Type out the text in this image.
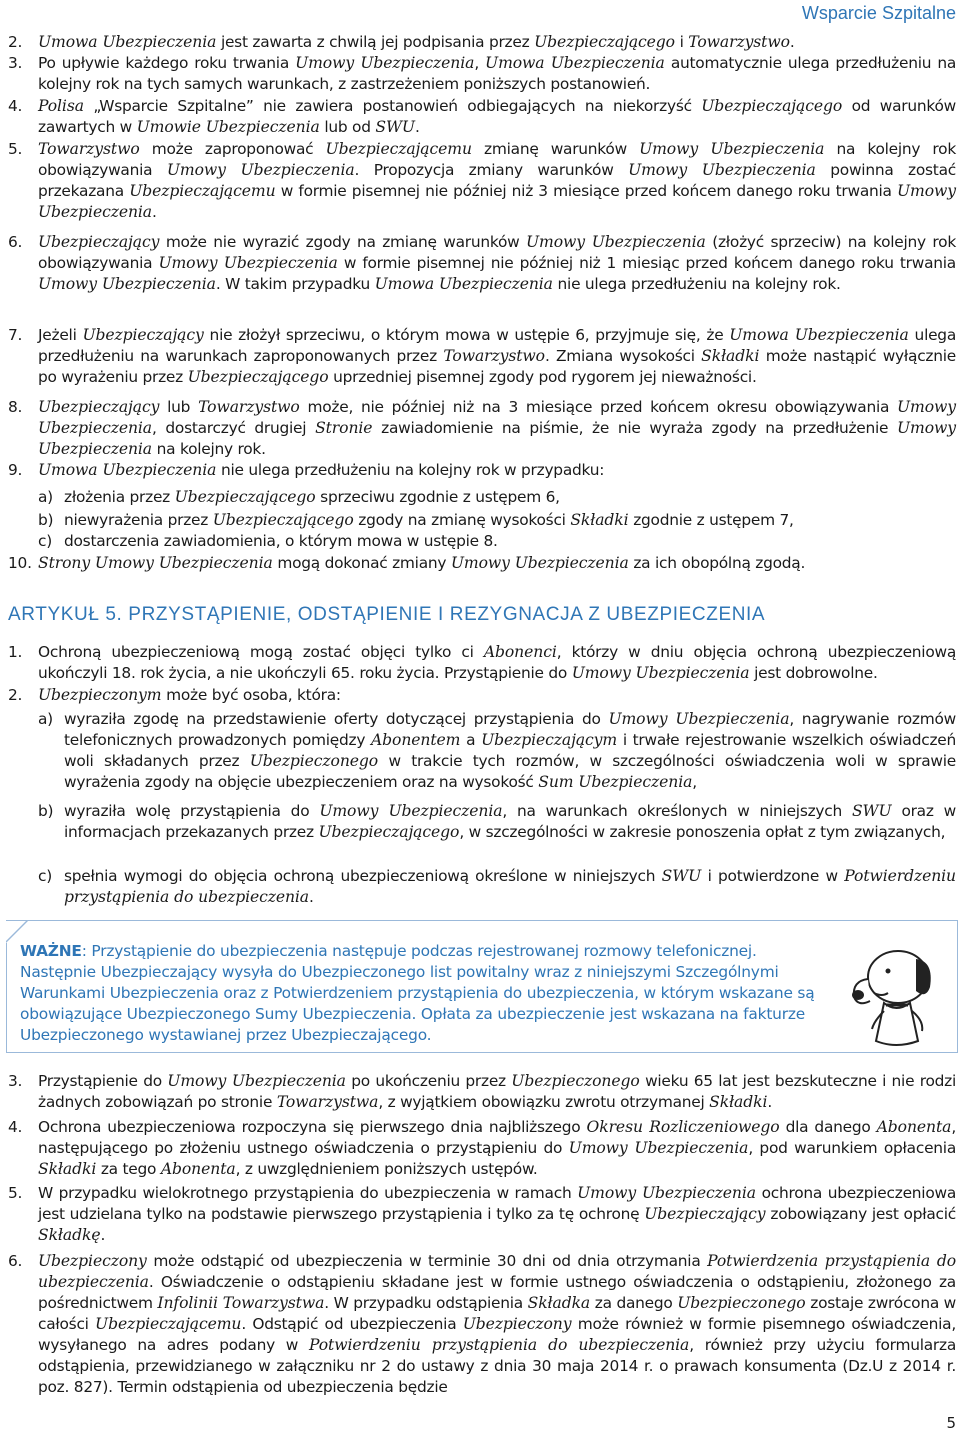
Wsparcie Szpitalne
2. Umowa Ubezpieczenia jest zawarta z chwilą jej podpisania przez Ubezpieczającego i Towarzystwo.
3. Po upływie każdego roku trwania Umowy Ubezpieczenia, Umowa Ubezpieczenia automatycznie ulega przedłużeniu na kolejny rok na tych samych warunkach, z zastrzeżeniem poniższych postanowień.
4. Polisa „Wsparcie Szpitalne” nie zawiera postanowień odbiegających na niekorzyść Ubezpieczającego od warunków zawartych w Umowie Ubezpieczenia lub od SWU.
5. Towarzystwo może zaproponować Ubezpieczającemu zmianę warunków Umowy Ubezpieczenia na kolejny rok obowiązywania Umowy Ubezpieczenia. Propozycja zmiany warunków Umowy Ubezpieczenia powinna zostać przekazana Ubezpieczającemu w formie pisemnej nie później niż 3 miesiące przed końcem danego roku trwania Umowy Ubezpieczenia.
6. Ubezpieczający może nie wyrazić zgody na zmianę warunków Umowy Ubezpieczenia (złożyć sprzeciw) na kolejny rok obowiązywania Umowy Ubezpieczenia w formie pisemnej nie później niż 1 miesiąc przed końcem danego roku trwania Umowy Ubezpieczenia. W takim przypadku Umowa Ubezpieczenia nie ulega przedłużeniu na kolejny rok.
7. Jeżeli Ubezpieczający nie złożył sprzeciwu, o którym mowa w ustępie 6, przyjmuje się, że Umowa Ubezpieczenia ulega przedłużeniu na warunkach zaproponowanych przez Towarzystwo. Zmiana wysokości Składki może nastąpić wyłącznie po wyrażeniu przez Ubezpieczającego uprzedniej pisemnej zgody pod rygorem jej nieważności.
8. Ubezpieczający lub Towarzystwo może, nie później niż na 3 miesiące przed końcem okresu obowiązywania Umowy Ubezpieczenia, dostarczyć drugiej Stronie zawiadomienie na piśmie, że nie wyraża zgody na przedłużenie Umowy Ubezpieczenia na kolejny rok.
9. Umowa Ubezpieczenia nie ulega przedłużeniu na kolejny rok w przypadku:
a) złożenia przez Ubezpieczającego sprzeciwu zgodnie z ustępem 6,
b) niewyrażenia przez Ubezpieczającego zgody na zmianę wysokości Składki zgodnie z ustępem 7,
c) dostarczenia zawiadomienia, o którym mowa w ustępie 8.
10. Strony Umowy Ubezpieczenia mogą dokonać zmiany Umowy Ubezpieczenia za ich obopólną zgodą.
ARTYKUŁ 5. PRZYSTĄPIENIE, ODSTĄPIENIE I REZYGNACJA Z UBEZPIECZENIA
1. Ochroną ubezpieczeniową mogą zostać objęci tylko ci Abonenci, którzy w dniu objęcia ochroną ubezpieczeniową ukończyli 18. rok życia, a nie ukończyli 65. roku życia. Przystąpienie do Umowy Ubezpieczenia jest dobrowolne.
2. Ubezpieczonym może być osoba, która:
a) wyraziła zgodę na przedstawienie oferty dotyczącej przystąpienia do Umowy Ubezpieczenia, nagrywanie rozmów telefonicznych prowadzonych pomiędzy Abonentem a Ubezpieczającym i trwałe rejestrowanie wszelkich oświadczeń woli składanych przez Ubezpieczonego w trakcie tych rozmów, w szczególności oświadczenia woli w sprawie wyrażenia zgody na objęcie ubezpieczeniem oraz na wysokość Sum Ubezpieczenia,
b) wyraziła wolę przystąpienia do Umowy Ubezpieczenia, na warunkach określonych w niniejszych SWU oraz w informacjach przekazanych przez Ubezpieczającego, w szczególności w zakresie ponoszenia opłat z tym związanych,
c) spełnia wymogi do objęcia ochroną ubezpieczeniową określone w niniejszych SWU i potwierdzone w Potwierdzeniu przystąpienia do ubezpieczenia.
WAŻNE: Przystąpienie do ubezpieczenia następuje podczas rejestrowanej rozmowy telefonicznej. Następnie Ubezpieczający wysyła do Ubezpieczonego list powitalny wraz z niniejszymi Szczególnymi Warunkami Ubezpieczenia oraz z Potwierdzeniem przystąpienia do ubezpieczenia, w którym wskazane są obowiązujące Ubezpieczonego Sumy Ubezpieczenia. Opłata za ubezpieczenie jest wskazana na fakturze Ubezpieczonego wystawianej przez Ubezpieczającego.
3. Przystąpienie do Umowy Ubezpieczenia po ukończeniu przez Ubezpieczonego wieku 65 lat jest bezskuteczne i nie rodzi żadnych zobowiązań po stronie Towarzystwa, z wyjątkiem obowiązku zwrotu otrzymanej Składki.
4. Ochrona ubezpieczeniowa rozpoczyna się pierwszego dnia najbliższego Okresu Rozliczeniowego dla danego Abonenta, następującego po złożeniu ustnego oświadczenia o przystąpieniu do Umowy Ubezpieczenia, pod warunkiem opłacenia Składki za tego Abonenta, z uwzględnieniem poniższych ustępów.
5. W przypadku wielokrotnego przystąpienia do ubezpieczenia w ramach Umowy Ubezpieczenia ochrona ubezpieczeniowa jest udzielana tylko na podstawie pierwszego przystąpienia i tylko za tę ochronę Ubezpieczający zobowiązany jest opłacić Składkę.
6. Ubezpieczony może odstąpić od ubezpieczenia w terminie 30 dni od dnia otrzymania Potwierdzenia przystąpienia do ubezpieczenia. Oświadczenie o odstąpieniu składane jest w formie ustnego oświadczenia o odstąpieniu, złożonego za pośrednictwem Infolinii Towarzystwa. W przypadku odstąpienia Składka za danego Ubezpieczonego zostaje zwrócona w całości Ubezpieczającemu. Odstąpić od ubezpieczenia Ubezpieczony może również w formie pisemnego oświadczenia, wysyłanego na adres podany w Potwierdzeniu przystąpienia do ubezpieczenia, również przy użyciu formularza odstąpienia, przewidzianego w załączniku nr 2 do ustawy z dnia 30 maja 2014 r. o prawach konsumenta (Dz.U z 2014 r. poz. 827). Termin odstąpienia od ubezpieczenia będzie
5
